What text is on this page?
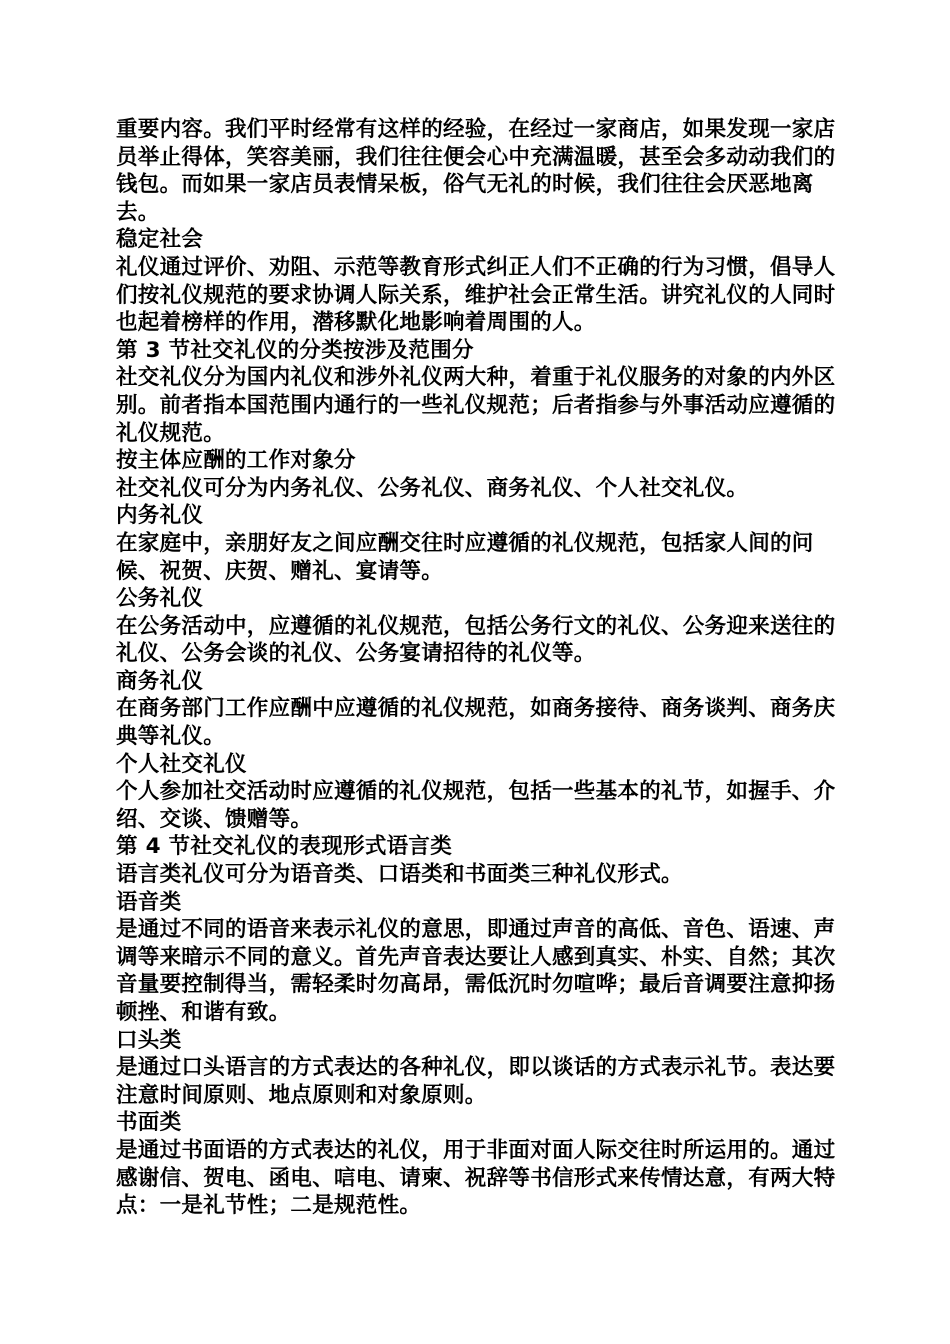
重要内容。我们平时经常有这样的经验，在经过一家商店，如果发现一家店员举止得体，笑容美丽，我们往往便会心中充满温暖，甚至会多动动我们的钱包。而如果一家店员表情呆板，俗气无礼的时候，我们往往会厌恶地离去。

稳定社会

礼仪通过评价、劝阻、示范等教育形式纠正人们不正确的行为习惯，倡导人们按礼仪规范的要求协调人际关系，维护社会正常生活。讲究礼仪的人同时也起着榜样的作用，潜移默化地影响着周围的人。

第 3 节社交礼仪的分类按涉及范围分

社交礼仪分为国内礼仪和涉外礼仪两大种，着重于礼仪服务的对象的内外区别。前者指本国范围内通行的一些礼仪规范；后者指参与外事活动应遵循的礼仪规范。

按主体应酬的工作对象分

社交礼仪可分为内务礼仪、公务礼仪、商务礼仪、个人社交礼仪。

内务礼仪

在家庭中，亲朋好友之间应酬交往时应遵循的礼仪规范，包括家人间的问候、祝贺、庆贺、赠礼、宴请等。

公务礼仪

在公务活动中，应遵循的礼仪规范，包括公务行文的礼仪、公务迎来送往的礼仪、公务会谈的礼仪、公务宴请招待的礼仪等。

商务礼仪

在商务部门工作应酬中应遵循的礼仪规范，如商务接待、商务谈判、商务庆典等礼仪。

个人社交礼仪

个人参加社交活动时应遵循的礼仪规范，包括一些基本的礼节，如握手、介绍、交谈、馈赠等。

第 4 节社交礼仪的表现形式语言类

语言类礼仪可分为语音类、口语类和书面类三种礼仪形式。

语音类

是通过不同的语音来表示礼仪的意思，即通过声音的高低、音色、语速、声调等来暗示不同的意义。首先声音表达要让人感到真实、朴实、自然；其次音量要控制得当，需轻柔时勿高昂，需低沉时勿喧哗；最后音调要注意抑扬顿挫、和谐有致。

口头类

是通过口头语言的方式表达的各种礼仪，即以谈话的方式表示礼节。表达要注意时间原则、地点原则和对象原则。

书面类

是通过书面语的方式表达的礼仪，用于非面对面人际交往时所运用的。通过感谢信、贺电、函电、唁电、请柬、祝辞等书信形式来传情达意，有两大特点：一是礼节性；二是规范性。
